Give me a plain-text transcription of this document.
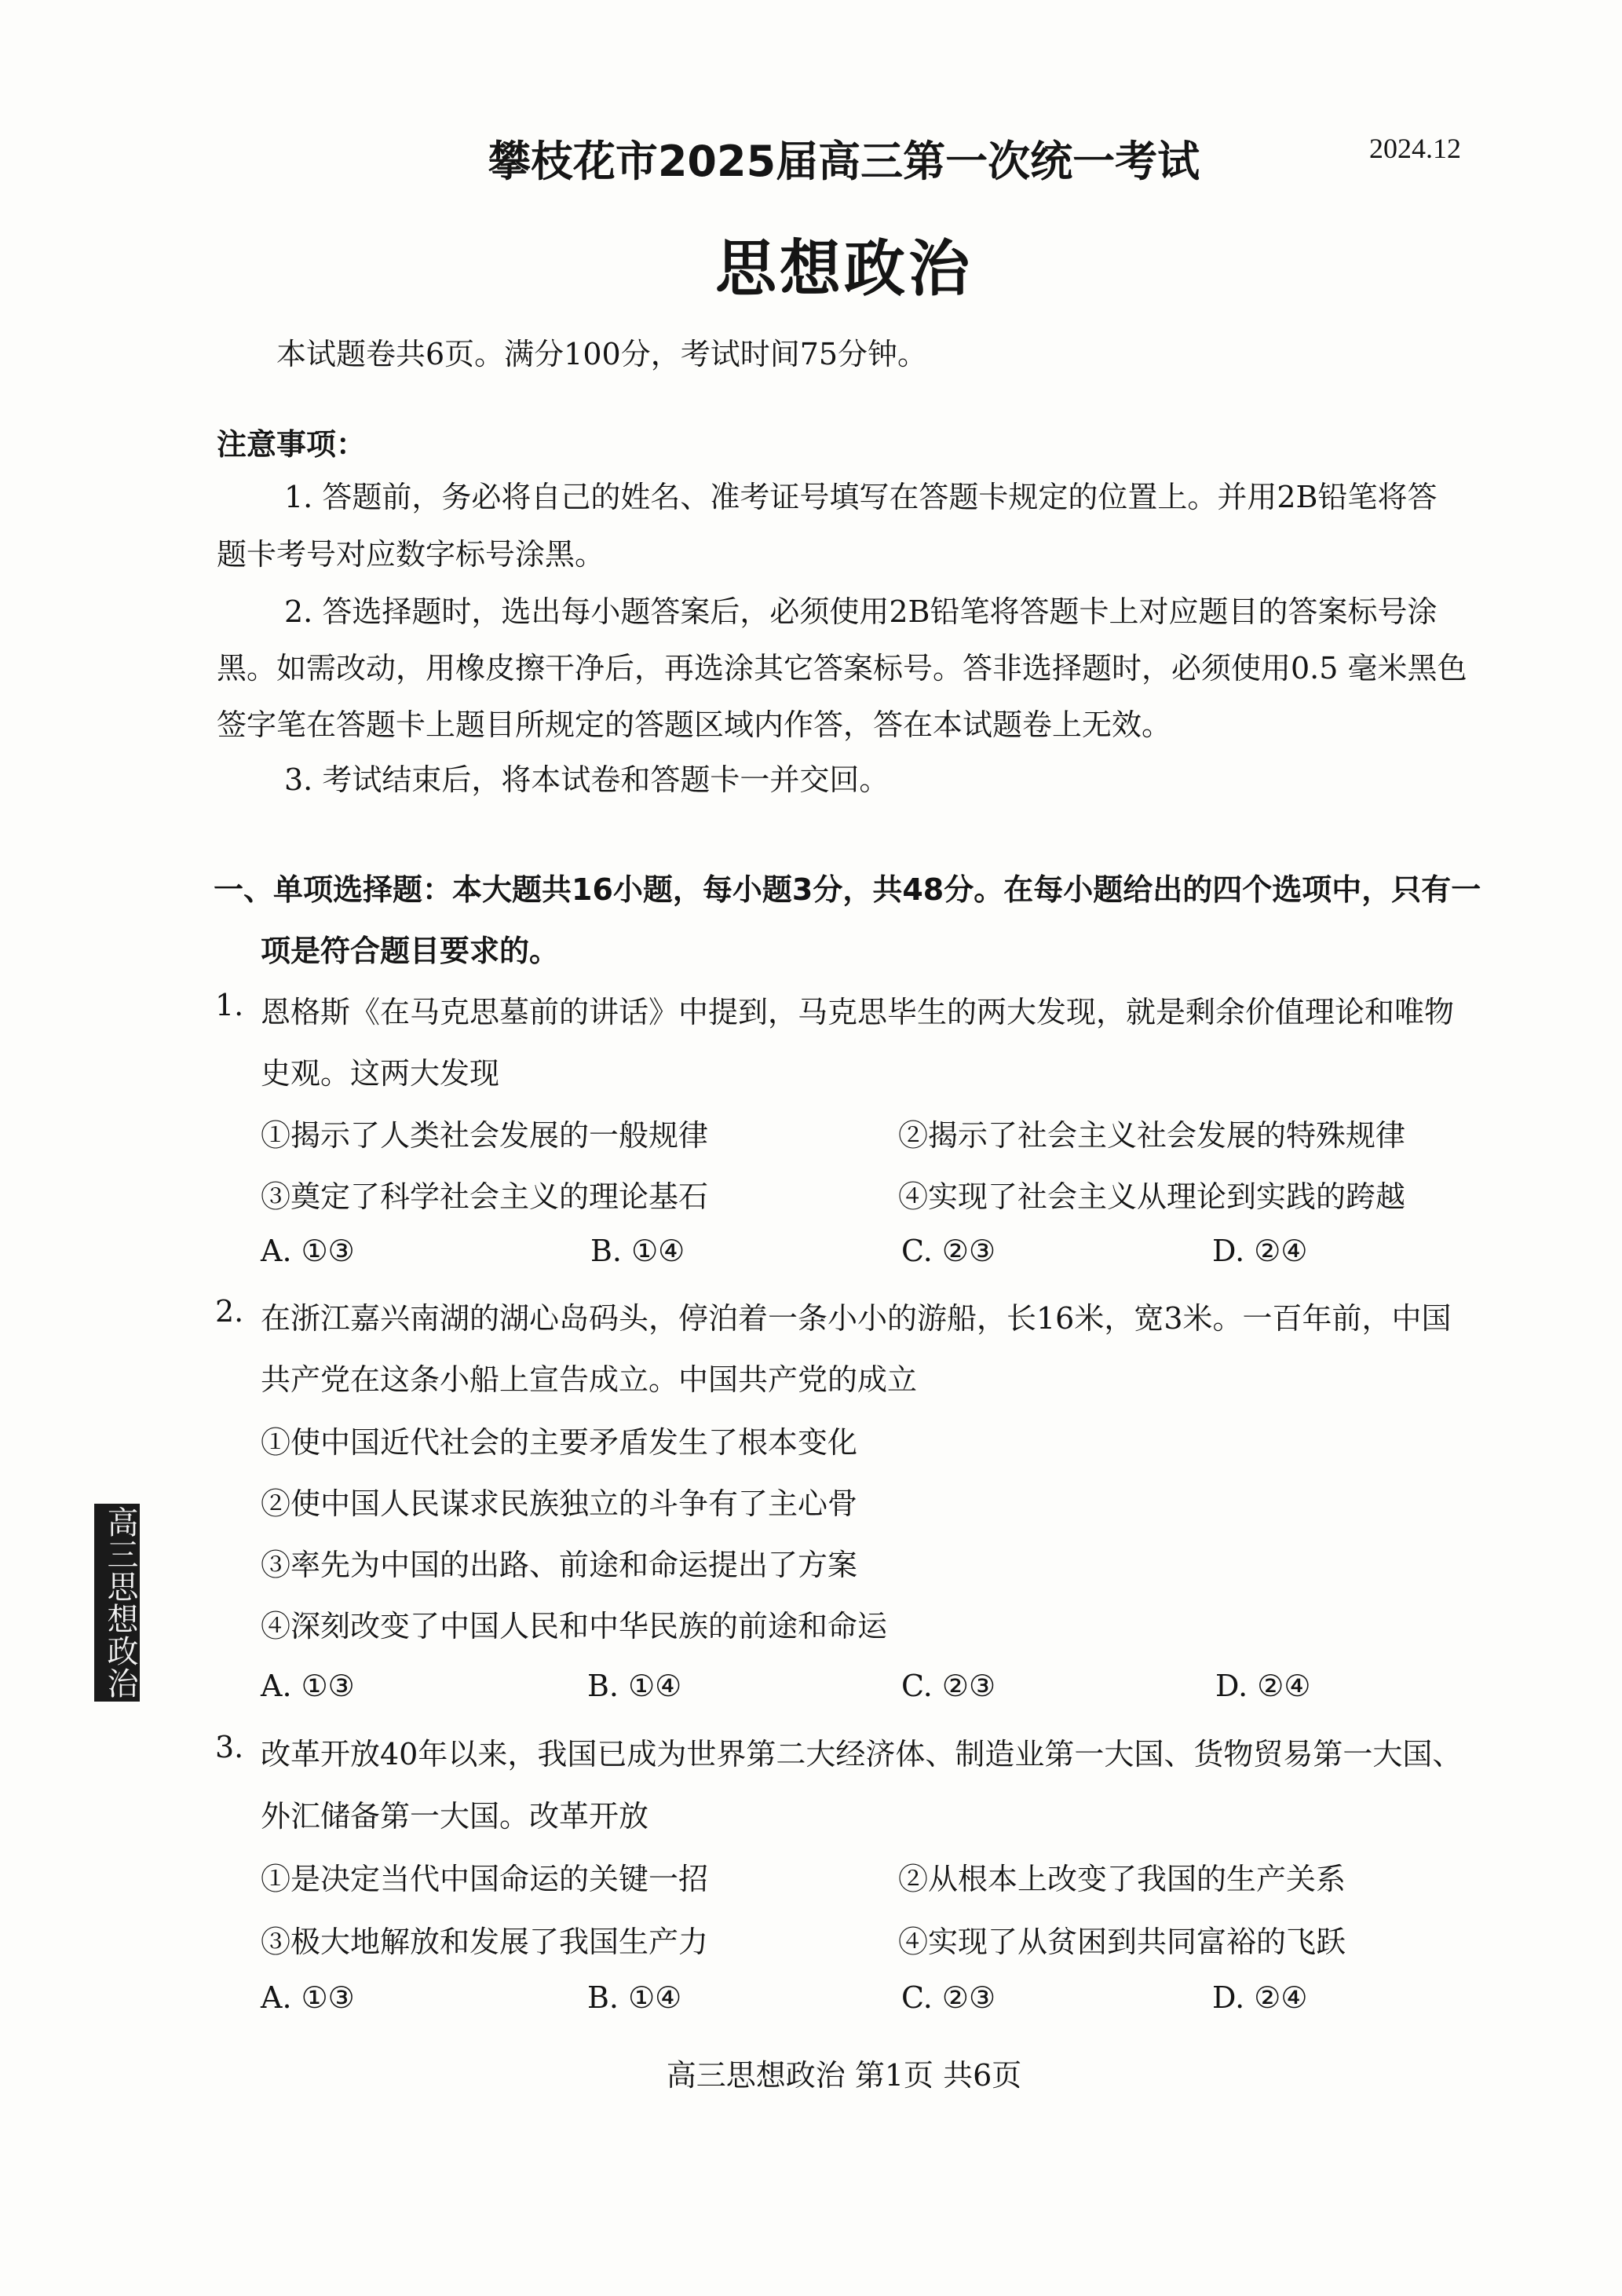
攀枝花市2025届高三第一次统一考试	2024.12
思想政治
本试题卷共6页。满分100分，考试时间75分钟。
注意事项：
1. 答题前，务必将自己的姓名、准考证号填写在答题卡规定的位置上。并用2B铅笔将答
题卡考号对应数字标号涂黑。
2. 答选择题时，选出每小题答案后，必须使用2B铅笔将答题卡上对应题目的答案标号涂
黑。如需改动，用橡皮擦干净后，再选涂其它答案标号。答非选择题时，必须使用0.5 毫米黑色
签字笔在答题卡上题目所规定的答题区域内作答，答在本试题卷上无效。
3. 考试结束后，将本试卷和答题卡一并交回。
一、单项选择题：本大题共16小题，每小题3分，共48分。在每小题给出的四个选项中，只有一
项是符合题目要求的。
1. 恩格斯《在马克思墓前的讲话》中提到，马克思毕生的两大发现，就是剩余价值理论和唯物
史观。这两大发现
①揭示了人类社会发展的一般规律	②揭示了社会主义社会发展的特殊规律
③奠定了科学社会主义的理论基石	④实现了社会主义从理论到实践的跨越
A. ①③	B. ①④	C. ②③	D. ②④
2. 在浙江嘉兴南湖的湖心岛码头，停泊着一条小小的游船，长16米，宽3米。一百年前，中国
共产党在这条小船上宣告成立。中国共产党的成立
①使中国近代社会的主要矛盾发生了根本变化
②使中国人民谋求民族独立的斗争有了主心骨
③率先为中国的出路、前途和命运提出了方案
④深刻改变了中国人民和中华民族的前途和命运
A. ①③	B. ①④	C. ②③	D. ②④
3. 改革开放40年以来，我国已成为世界第二大经济体、制造业第一大国、货物贸易第一大国、
外汇储备第一大国。改革开放
①是决定当代中国命运的关键一招	②从根本上改变了我国的生产关系
③极大地解放和发展了我国生产力	④实现了从贫困到共同富裕的飞跃
A. ①③	B. ①④	C. ②③	D. ②④
高三思想政治
高三思想政治 第1页 共6页
